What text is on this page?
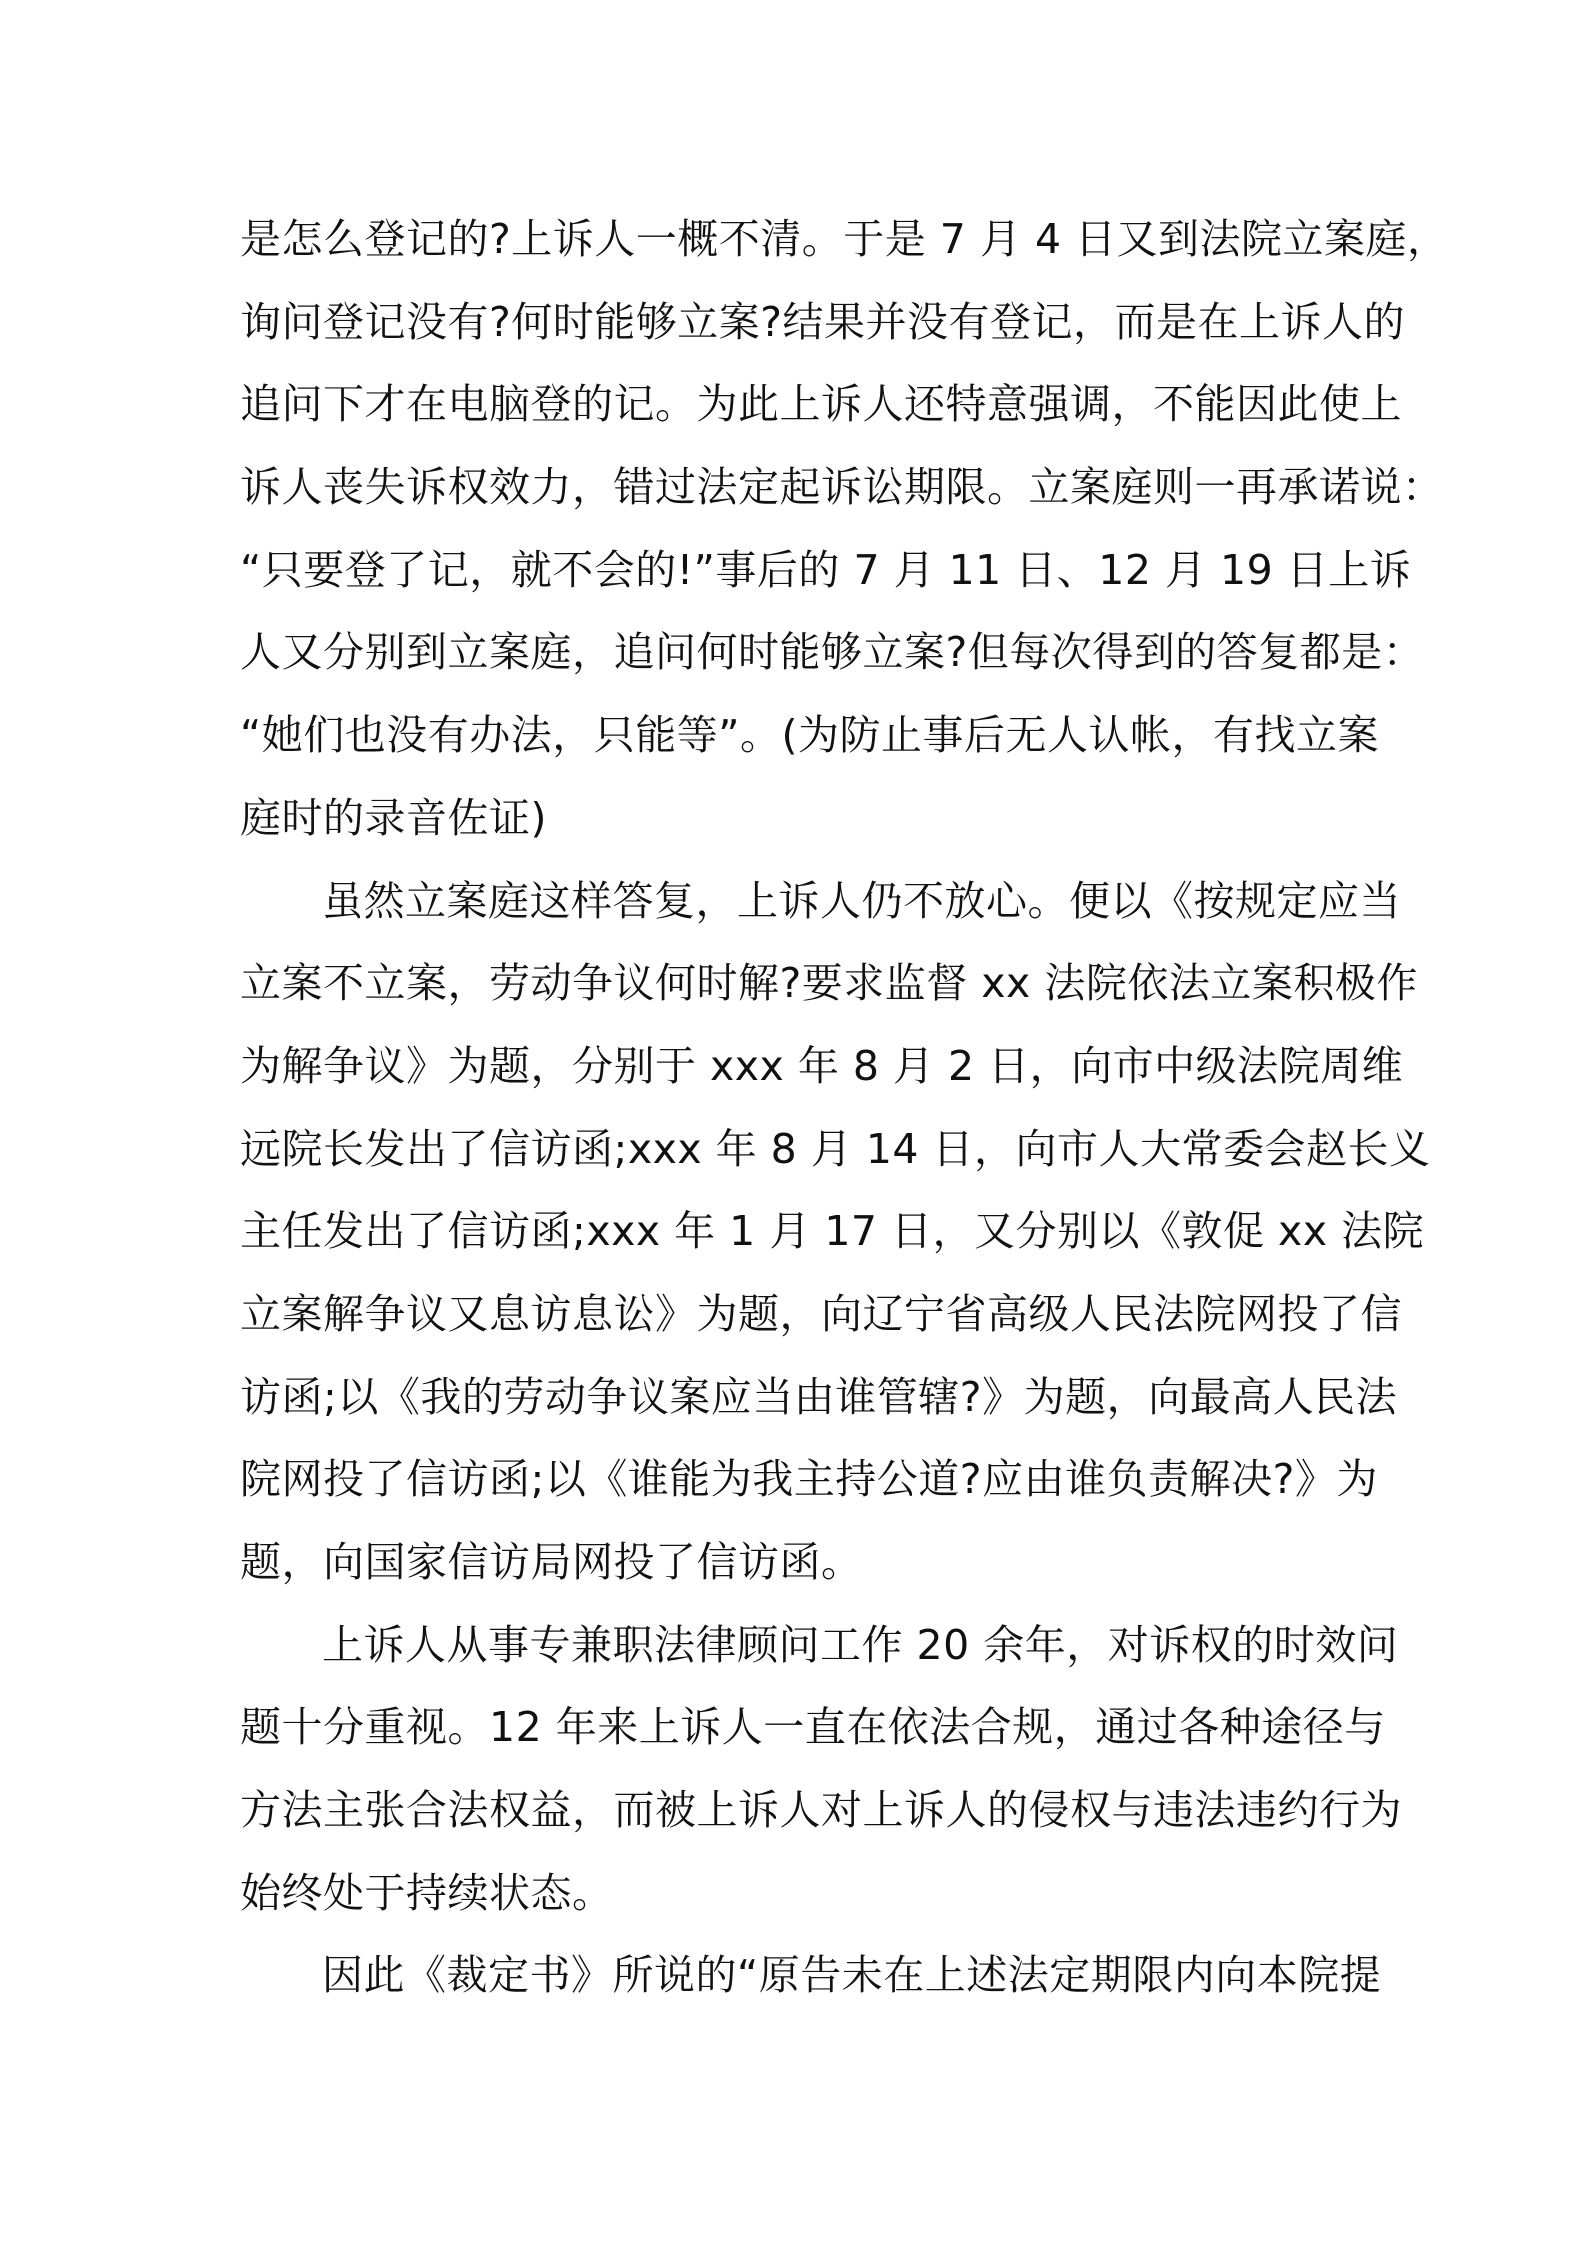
是怎么登记的?上诉人一概不清。于是 7 月 4 日又到法院立案庭，
询问登记没有?何时能够立案?结果并没有登记，而是在上诉人的
追问下才在电脑登的记。为此上诉人还特意强调，不能因此使上
诉人丧失诉权效力，错过法定起诉讼期限。立案庭则一再承诺说：
“只要登了记，就不会的!”事后的 7 月 11 日、12 月 19 日上诉
人又分别到立案庭，追问何时能够立案?但每次得到的答复都是：
“她们也没有办法，只能等”。(为防止事后无人认帐，有找立案
庭时的录音佐证)

虽然立案庭这样答复，上诉人仍不放心。便以《按规定应当
立案不立案，劳动争议何时解?要求监督 xx 法院依法立案积极作
为解争议》为题，分别于 xxx 年 8 月 2 日，向市中级法院周维
远院长发出了信访函;xxx 年 8 月 14 日，向市人大常委会赵长义
主任发出了信访函;xxx 年 1 月 17 日，又分别以《敦促 xx 法院
立案解争议又息访息讼》为题，向辽宁省高级人民法院网投了信
访函;以《我的劳动争议案应当由谁管辖?》为题，向最高人民法
院网投了信访函;以《谁能为我主持公道?应由谁负责解决?》为
题，向国家信访局网投了信访函。

上诉人从事专兼职法律顾问工作 20 余年，对诉权的时效问
题十分重视。12 年来上诉人一直在依法合规，通过各种途径与
方法主张合法权益，而被上诉人对上诉人的侵权与违法违约行为
始终处于持续状态。

因此《裁定书》所说的“原告未在上述法定期限内向本院提
